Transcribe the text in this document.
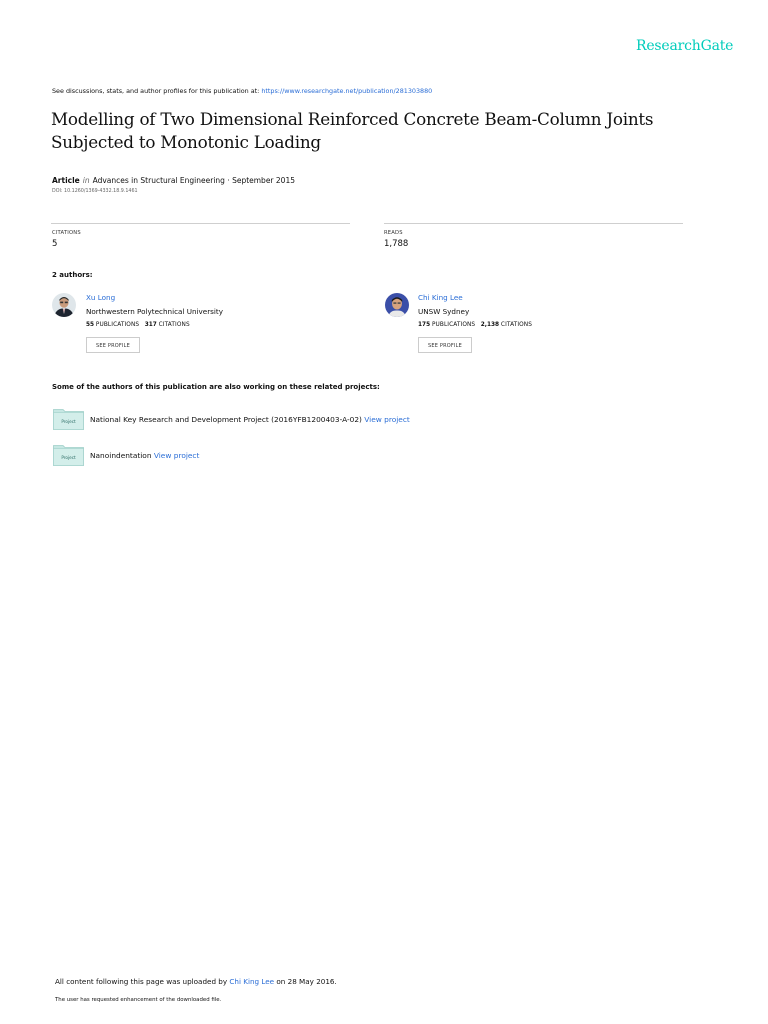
ResearchGate
See discussions, stats, and author profiles for this publication at: https://www.researchgate.net/publication/281303880
Modelling of Two Dimensional Reinforced Concrete Beam-Column Joints
Subjected to Monotonic Loading
Article in Advances in Structural Engineering · September 2015
DOI: 10.1260/1369-4332.18.9.1461
CITATIONS
5
READS
1,788
2 authors:
Xu Long
Northwestern Polytechnical University
55 PUBLICATIONS 317 CITATIONS
SEE PROFILE
Chi King Lee
UNSW Sydney
175 PUBLICATIONS 2,138 CITATIONS
SEE PROFILE
Some of the authors of this publication are also working on these related projects:
Project National Key Research and Development Project (2016YFB1200403-A-02) View project
Project Nanoindentation View project
All content following this page was uploaded by Chi King Lee on 28 May 2016.
The user has requested enhancement of the downloaded file.
